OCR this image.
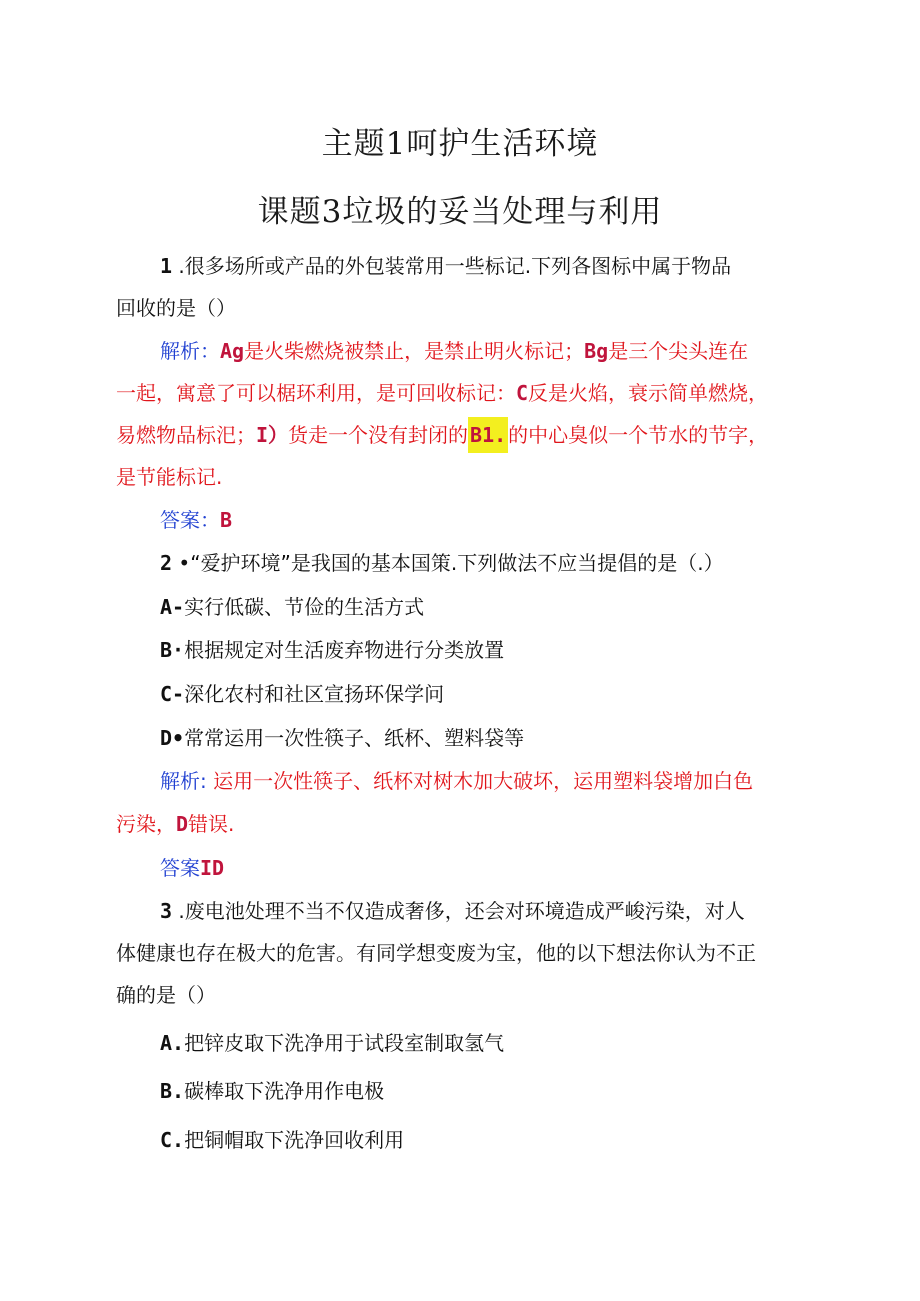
主题1呵护生活环境
课题3垃圾的妥当处理与利用
1 .很多场所或产品的外包装常用一些标记.下列各图标中属于物品
回收的是（）
解析：Ag是火柴燃烧被禁止，是禁止明火标记；Bg是三个尖头连在
一起，寓意了可以椐环利用，是可回收标记：C反是火焰，衰示简单燃烧，
易燃物品标汜；I）货走一个没有封闭的 B1. 的中心臭似一个节水的节字，
是节能标记.
答案：B
2 •“爱护环境”是我国的基本国策.下列做法不应当提倡的是（.）
A-实行低碳、节俭的生活方式
B·根据规定对生活废弃物进行分类放置
C-深化农村和社区宣扬环保学问
D•常常运用一次性筷子、纸杯、塑料袋等
解析: 运用一次性筷子、纸杯对树木加大破坏，运用塑料袋增加白色
污染，D错误.
答案ID
3 .废电池处理不当不仅造成奢侈，还会对环境造成严峻污染，对人
体健康也存在极大的危害。有同学想变废为宝，他的以下想法你认为不正
确的是（）
A.把锌皮取下洗净用于试段室制取氢气
B.碳棒取下洗净用作电极
C.把铜帽取下洗净回收利用
